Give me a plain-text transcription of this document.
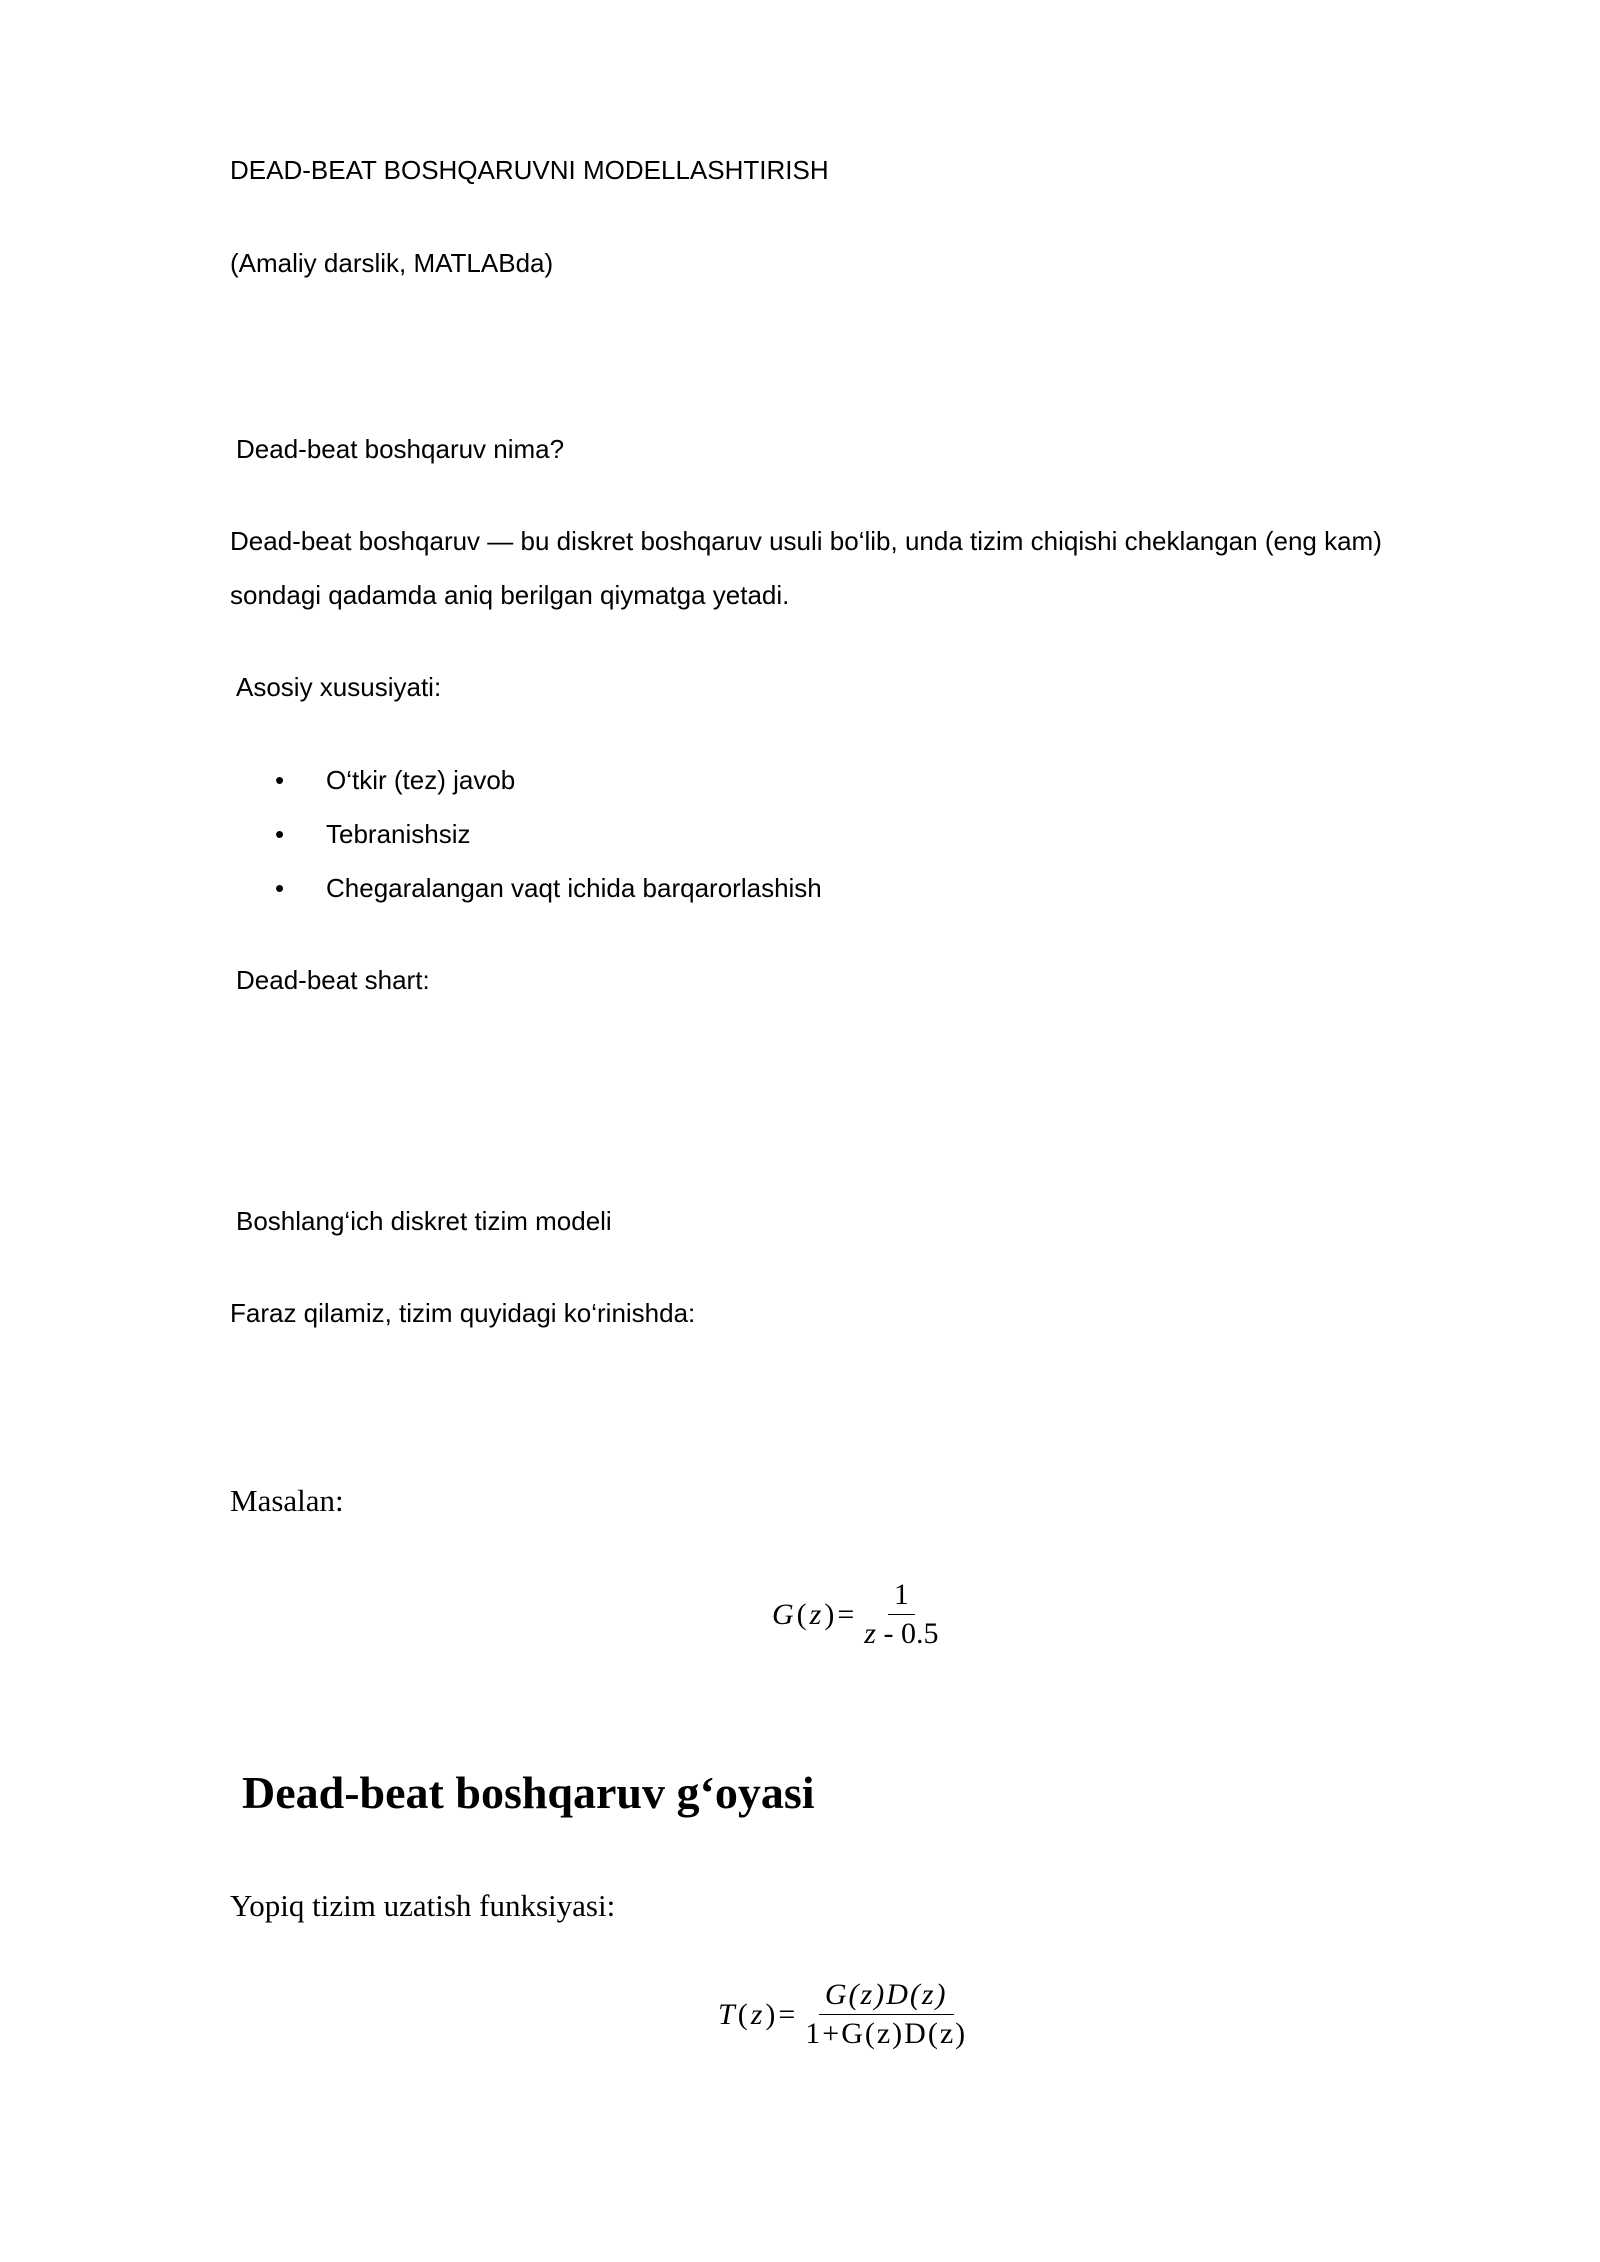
DEAD-BEAT BOSHQARUVNI MODELLASHTIRISH
(Amaliy darslik, MATLABda)
Dead-beat boshqaruv nima?
Dead-beat boshqaruv — bu diskret boshqaruv usuli bo‘lib, unda tizim chiqishi cheklangan (eng kam) sondagi qadamda aniq berilgan qiymatga yetadi.
Asosiy xususiyati:
• O‘tkir (tez) javob
• Tebranishsiz
• Chegaralangan vaqt ichida barqarorlashish
Dead-beat shart:
Boshlang‘ich diskret tizim modeli
Faraz qilamiz, tizim quyidagi ko‘rinishda:
Masalan:
G ( z ) = $\frac{1}{z - 0.5}$
Dead-beat boshqaruv g‘oyasi
Yopiq tizim uzatish funksiyasi:
T ( z ) = $\frac{G(z)D(z)}{1+G(z)D(z)}$
